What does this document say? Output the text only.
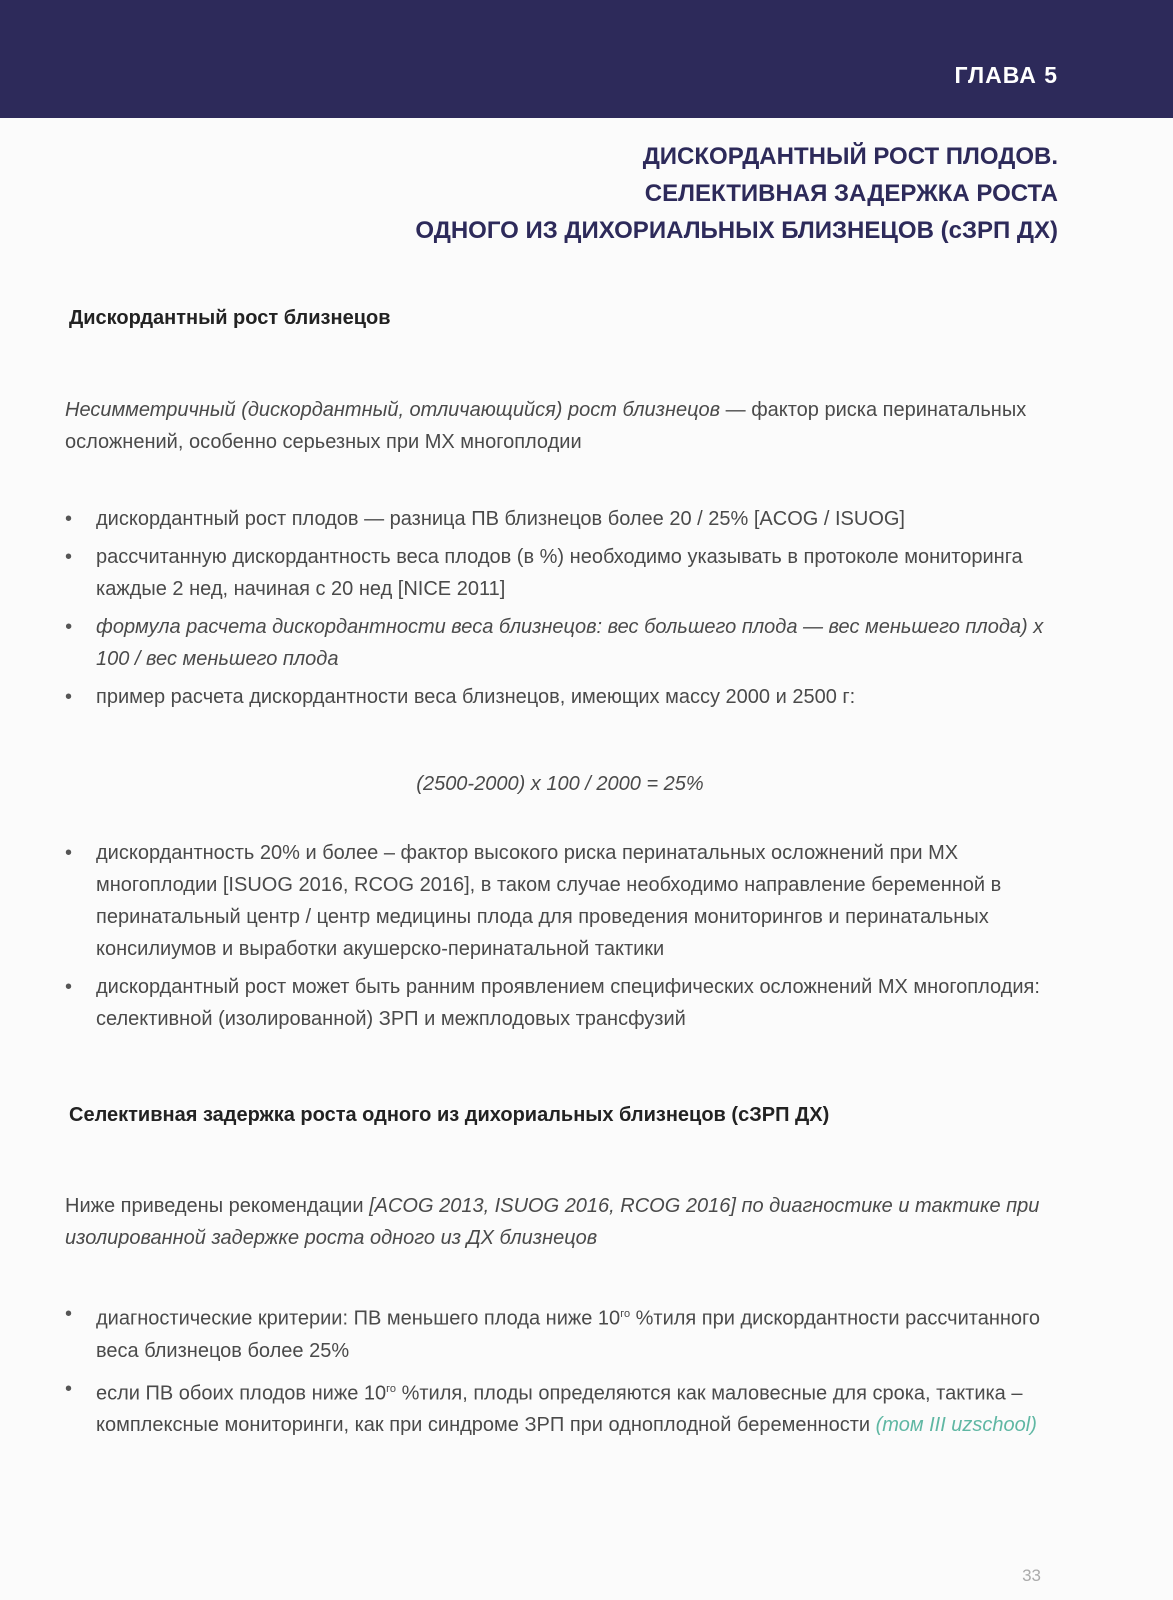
ГЛАВА 5
ДИСКОРДАНТНЫЙ РОСТ ПЛОДОВ.
СЕЛЕКТИВНАЯ ЗАДЕРЖКА РОСТА
ОДНОГО ИЗ ДИХОРИАЛЬНЫХ БЛИЗНЕЦОВ (сЗРП ДХ)
Дискордантный рост близнецов
Несимметричный (дискордантный, отличающийся) рост близнецов — фактор риска перинатальных осложнений, особенно серьезных при МХ многоплодии
• дискордантный рост плодов — разница ПВ близнецов более 20 / 25% [ACOG / ISUOG]
• рассчитанную дискордантность веса плодов (в %) необходимо указывать в протоколе мониторинга каждые 2 нед, начиная с 20 нед [NICE 2011]
• формула расчета дискордантности веса близнецов: вес большего плода — вес меньшего плода) х 100 / вес меньшего плода
• пример расчета дискордантности веса близнецов, имеющих массу 2000 и 2500 г:
(2500-2000) х 100 / 2000 = 25%
• дискордантность 20% и более – фактор высокого риска перинатальных осложнений при МХ многоплодии [ISUOG 2016, RCOG 2016], в таком случае необходимо направление беременной в перинатальный центр / центр медицины плода для проведения мониторингов и перинатальных консилиумов и выработки акушерско-перинатальной тактики
• дискордантный рост может быть ранним проявлением специфических осложнений МХ многоплодия: селективной (изолированной) ЗРП и межплодовых трансфузий
Селективная задержка роста одного из дихориальных близнецов (сЗРП ДХ)
Ниже приведены рекомендации [ACOG 2013, ISUOG 2016, RCOG 2016] по диагностике и тактике при изолированной задержке роста одного из ДХ близнецов
• диагностические критерии: ПВ меньшего плода ниже $10^{го}$ %тиля при дискордантности рассчитанного веса близнецов более 25%
• если ПВ обоих плодов ниже $10^{го}$ %тиля, плоды определяются как маловесные для срока, тактика – комплексные мониторинги, как при синдроме ЗРП при одноплодной беременности (том III uzschool)
33
